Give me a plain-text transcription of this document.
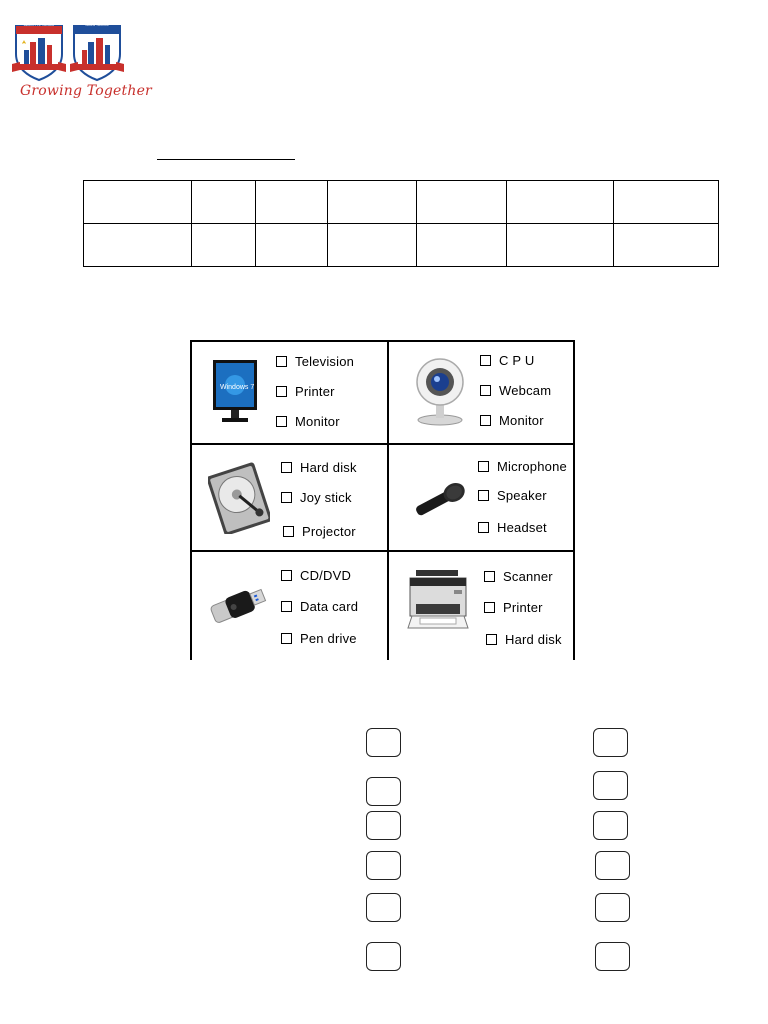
Allied Pre School	Allied School
Growing Together

Windows 7
Television
Printer
Monitor
C P U
Webcam
Monitor
Hard disk
Joy stick
Projector
Microphone
Speaker
Headset
CD/DVD
Data card
Pen drive
Scanner
Printer
Hard disk
